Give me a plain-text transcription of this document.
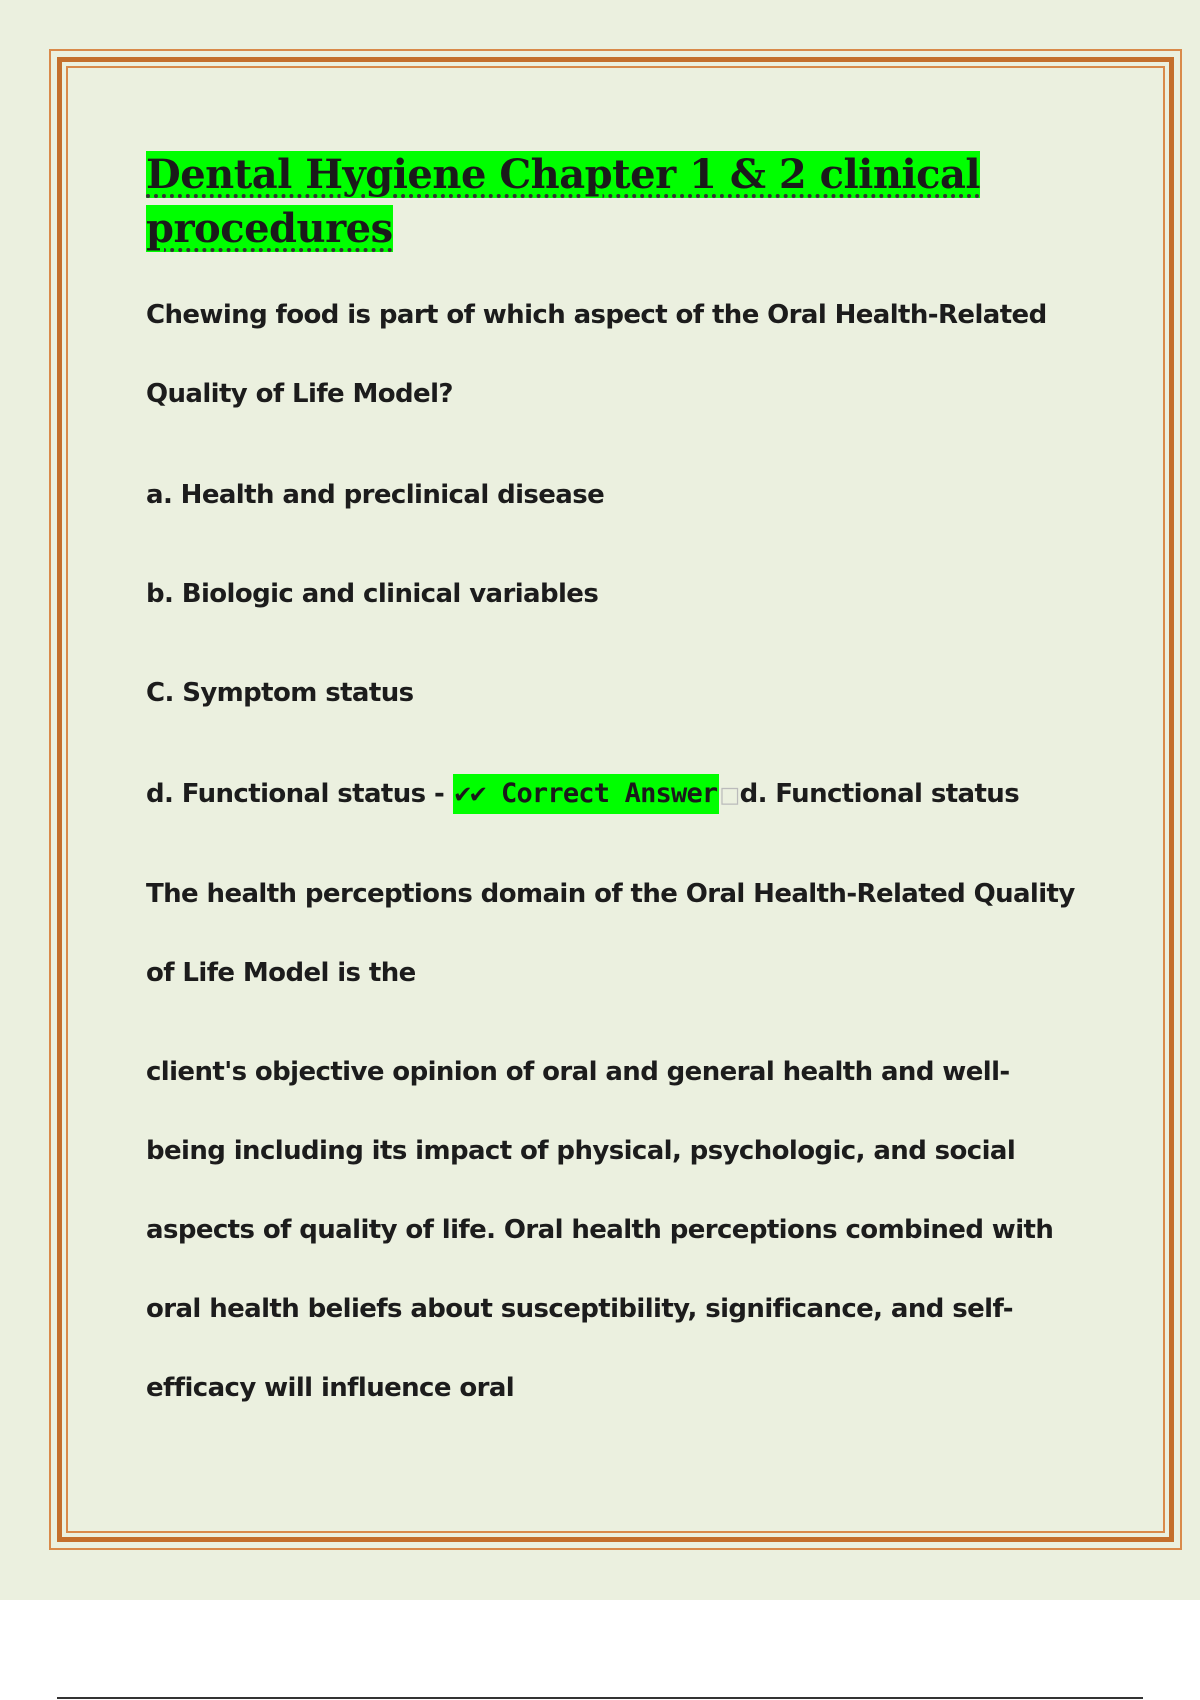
Dental Hygiene Chapter 1 & 2 clinical procedures

Chewing food is part of which aspect of the Oral Health-Related Quality of Life Model?

a. Health and preclinical disease

b. Biologic and clinical variables

C. Symptom status

d. Functional status - ✔✔ Correct Answer□d. Functional status

The health perceptions domain of the Oral Health-Related Quality of Life Model is the

client's objective opinion of oral and general health and well-being including its impact of physical, psychologic, and social aspects of quality of life. Oral health perceptions combined with oral health beliefs about susceptibility, significance, and self-efficacy will influence oral
